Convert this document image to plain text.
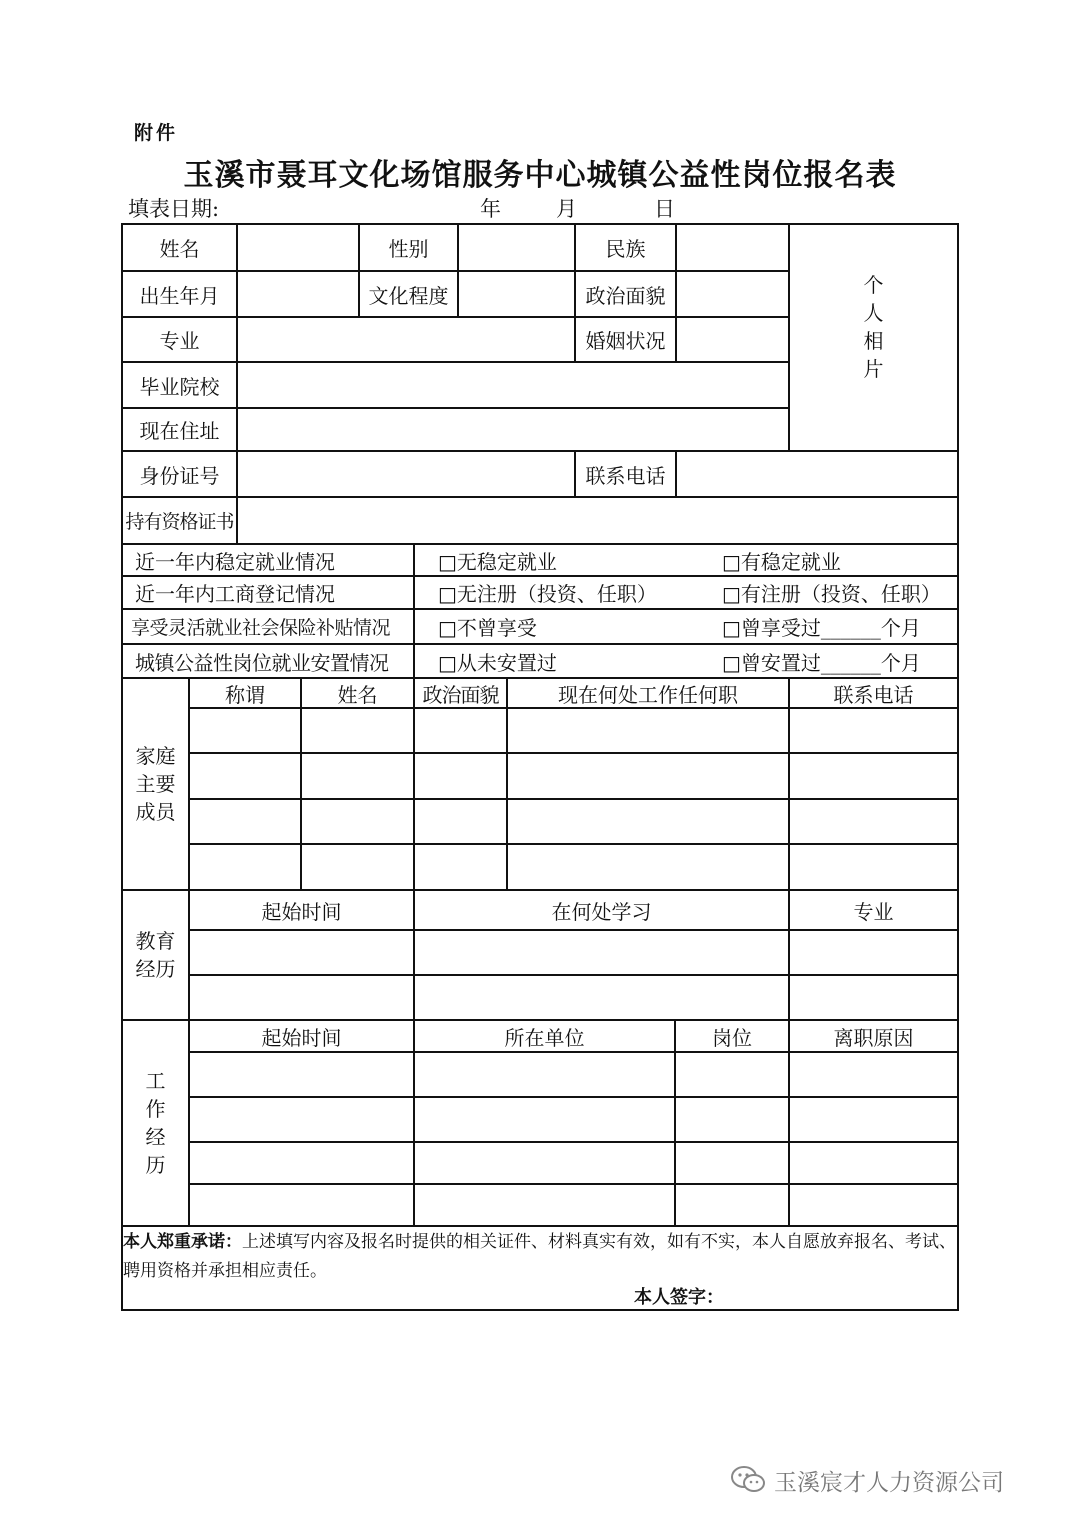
附件
玉溪市聂耳文化场馆服务中心城镇公益性岗位报名表
填表日期:	年	月	日
姓名	性别	民族
出生年月	文化程度	政治面貌
专业	婚姻状况
毕业院校
现在住址
个
人
相
片
身份证号	联系电话
持有资格证书
近一年内稳定就业情况	□无稳定就业	□有稳定就业
近一年内工商登记情况	□无注册（投资、任职）	□有注册（投资、任职）
享受灵活就业社会保险补贴情况	□不曾享受	□曾享受过______个月
城镇公益性岗位就业安置情况	□从未安置过	□曾安置过______个月
家庭
主要
成员
称谓	姓名	政治面貌	现在何处工作任何职	联系电话
教育
经历
起始时间	在何处学习	专业
工
作
经
历
起始时间	所在单位	岗位	离职原因
本人郑重承诺：上述填写内容及报名时提供的相关证件、材料真实有效，如有不实，本人自愿放弃报名、考试、聘用资格并承担相应责任。
本人签字：
玉溪宸才人力资源公司
